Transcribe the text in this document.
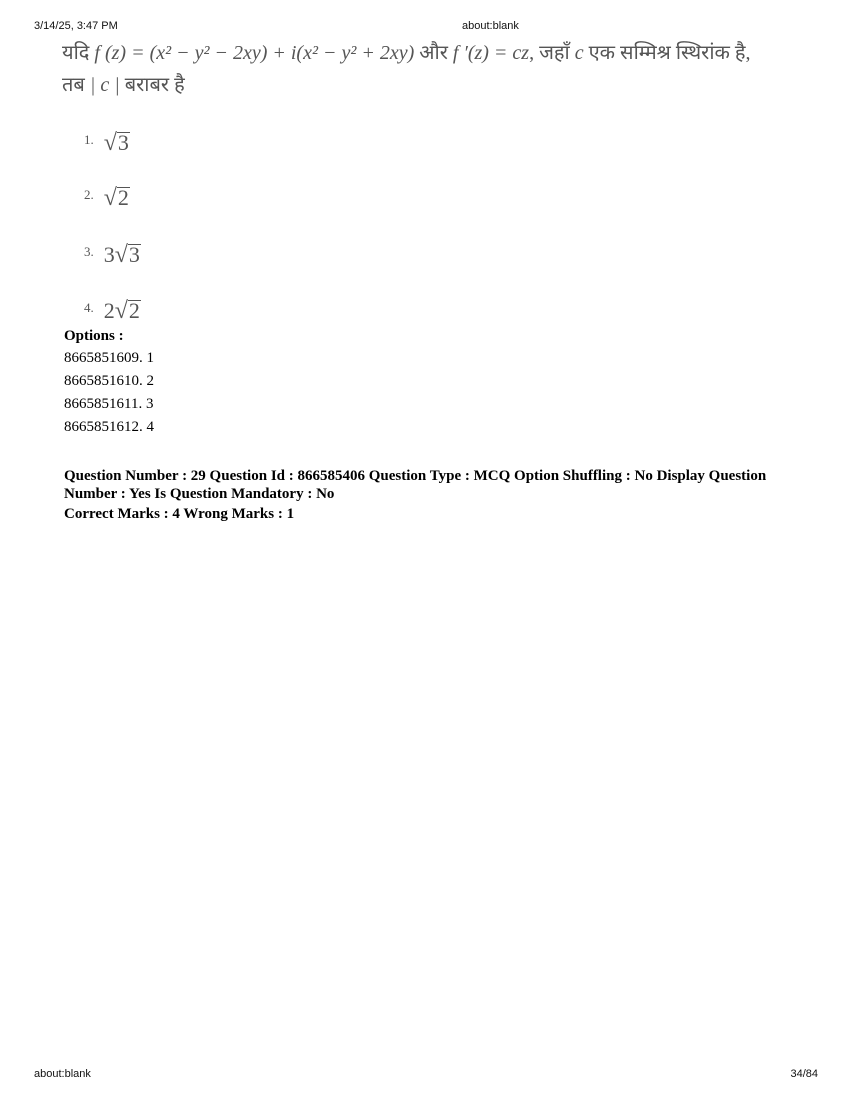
3/14/25, 3:47 PM	about:blank
यदि f (z) = (x² − y² − 2xy) + i(x² − y² + 2xy) और f ′(z) = cz, जहाँ c एक सम्मिश्र स्थिरांक है,
तब | c | बराबर है
$^{1.}$ √3
$^{2.}$ √2
$^{3.}$ 3√3
$^{4.}$ 2√2
Options :
8665851609. 1
8665851610. 2
8665851611. 3
8665851612. 4
Question Number : 29 Question Id : 866585406 Question Type : MCQ Option Shuffling : No Display Question Number : Yes Is Question Mandatory : No
Correct Marks : 4 Wrong Marks : 1
about:blank	34/84
